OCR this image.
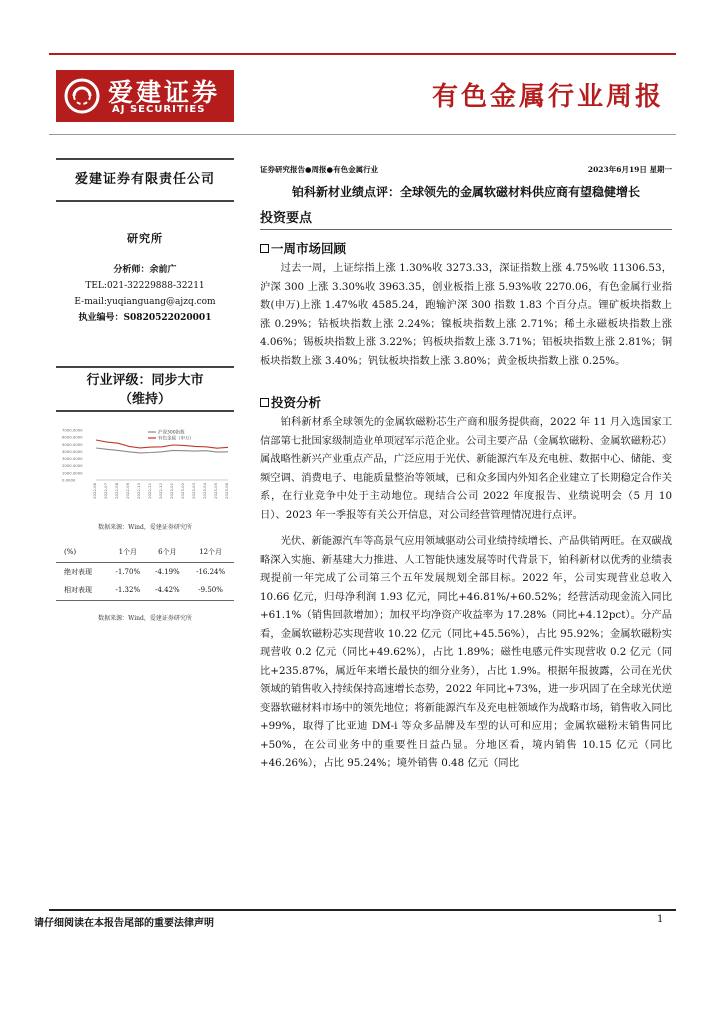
爱建证券
AJ SECURITIES	有色金属行业周报
爱建证券有限责任公司
研究所
分析师：余前广
TEL:021-32229888-32211
E-mail:yuqianguang@ajzq.com
执业编号：S0820522020001
行业评级：同步大市
（维持）
7000.0000
6000.0000
5000.0000
4000.0000
3000.0000
2000.0000
1000.0000
0.0000
2022-06 2022-07 2022-08 2022-09 2022-10 2022-11 2022-12 2023-01 2023-02 2023-03 2023-04 2023-05 2023-06
沪深300指数
有色金属（申万）
数据来源：Wind，爱建证券研究所
(%)	1个月	6个月	12个月
绝对表现	-1.70%	-4.19%	-16.24%
相对表现	-1.32%	-4.42%	-9.50%
数据来源：Wind，爱建证券研究所
证券研究报告●周报●有色金属行业	2023年6月19日 星期一
铂科新材业绩点评：全球领先的金属软磁材料供应商有望稳健增长
投资要点
一周市场回顾

过去一周，上证综指上涨 1.30%收 3273.33，深证指数上涨 4.75%收 11306.53，沪深 300 上涨 3.30%收 3963.35，创业板指上涨 5.93%收 2270.06，有色金属行业指数(申万)上涨 1.47%收 4585.24，跑输沪深 300 指数 1.83 个百分点。锂矿板块指数上涨 0.29%；钴板块指数上涨 2.24%；镍板块指数上涨 2.71%；稀土永磁板块指数上涨 4.06%；锡板块指数上涨 3.22%；钨板块指数上涨 3.71%；铝板块指数上涨 2.81%；铜板块指数上涨 3.40%；钒钛板块指数上涨 3.80%；黄金板块指数上涨 0.25%。

投资分析

铂科新材系全球领先的金属软磁粉芯生产商和服务提供商，2022 年 11 月入选国家工信部第七批国家级制造业单项冠军示范企业。公司主要产品（金属软磁粉、金属软磁粉芯）属战略性新兴产业重点产品，广泛应用于光伏、新能源汽车及充电桩、数据中心、储能、变频空调、消费电子、电能质量整治等领域，已和众多国内外知名企业建立了长期稳定合作关系，在行业竞争中处于主动地位。现结合公司 2022 年度报告、业绩说明会（5 月 10 日）、2023 年一季报等有关公开信息，对公司经营管理情况进行点评。

光伏、新能源汽车等高景气应用领域驱动公司业绩持续增长、产品供销两旺。在双碳战略深入实施、新基建大力推进、人工智能快速发展等时代背景下，铂科新材以优秀的业绩表现提前一年完成了公司第三个五年发展规划全部目标。2022 年，公司实现营业总收入 10.66 亿元，归母净利润 1.93 亿元，同比+46.81%/+60.52%；经营活动现金流入同比+61.1%（销售回款增加）；加权平均净资产收益率为 17.28%（同比+4.12pct）。分产品看，金属软磁粉芯实现营收 10.22 亿元（同比+45.56%），占比 95.92%；金属软磁粉实现营收 0.2 亿元（同比+49.62%），占比 1.89%；磁性电感元件实现营收 0.2 亿元（同比+235.87%，属近年来增长最快的细分业务），占比 1.9%。根据年报披露，公司在光伏领域的销售收入持续保持高速增长态势，2022 年同比+73%，进一步巩固了在全球光伏逆变器软磁材料市场中的领先地位；将新能源汽车及充电桩领域作为战略市场，销售收入同比+99%，取得了比亚迪 DM-i 等众多品牌及车型的认可和应用；金属软磁粉末销售同比+50%，在公司业务中的重要性日益凸显。分地区看，境内销售 10.15 亿元（同比+46.26%），占比 95.24%；境外销售 0.48 亿元（同比

请仔细阅读在本报告尾部的重要法律声明	1
